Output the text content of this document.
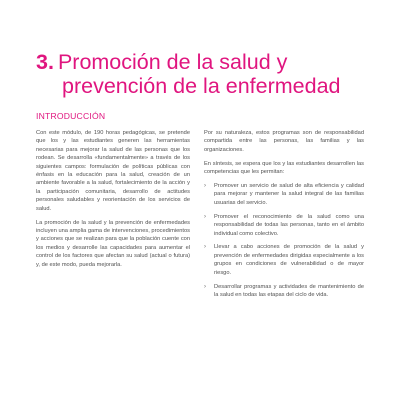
3. Promoción de la salud y
prevención de la enfermedad
INTRODUCCIÓN

Con este módulo, de 190 horas pedagógicas, se pretende que los y las estudiantes generen las herramientas necesarias para mejorar la salud de las personas que los rodean. Se desarrolla «fundamentalmente» a través de los siguientes campos: formulación de políticas públicas con énfasis en la educación para la salud, creación de un ambiente favorable a la salud, fortalecimiento de la acción y la participación comunitaria, desarrollo de actitudes personales saludables y reorientación de los servicios de salud.

La promoción de la salud y la prevención de enfermedades incluyen una amplia gama de intervenciones, procedimientos y acciones que se realizan para que la población cuente con los medios y desarrolle las capacidades para aumentar el control de los factores que afectan su salud (actual o futura) y, de este modo, pueda mejorarla.

Por su naturaleza, estos programas son de responsabilidad compartida entre las personas, las familias y las organizaciones.

En síntesis, se espera que los y las estudiantes desarrollen las competencias que les permitan:

› Promover un servicio de salud de alta eficiencia y calidad para mejorar y mantener la salud integral de las familias usuarias del servicio.
› Promover el reconocimiento de la salud como una responsabilidad de todas las personas, tanto en el ámbito individual como colectivo.
› Llevar a cabo acciones de promoción de la salud y prevención de enfermedades dirigidas especialmente a los grupos en condiciones de vulnerabilidad o de mayor riesgo.
› Desarrollar programas y actividades de mantenimiento de la salud en todas las etapas del ciclo de vida.
